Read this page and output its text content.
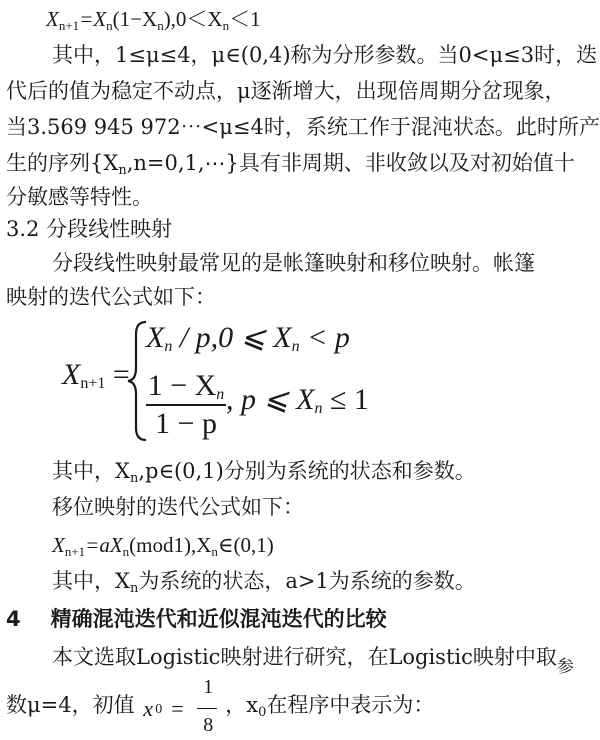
$X_{n+1}=X_n(1-X_n),0<X_n<1$
其中，1≤μ≤4，μ∈(0,4)称为分形参数。当0<μ≤3时，迭
代后的值为稳定不动点，μ逐渐增大，出现倍周期分岔现象，
当3.569 945 972⋯<μ≤4时，系统工作于混沌状态。此时所产
生的序列$\{X_n,n=0,1,\cdots\}$具有非周期、非收敛以及对初始值十
分敏感等特性。
3.2 分段线性映射
分段线性映射最常见的是帐篷映射和移位映射。帐篷
映射的迭代公式如下：
$X_{n+1}$ =
$X_n / p,0$ ⩽ $X_n < p$
$\frac{1 - X_n}{1 - p}$ , p ⩽ $X_n \le 1$
其中，$X_n,p\in(0,1)$分别为系统的状态和参数。
移位映射的迭代公式如下：
$X_{n+1}=aX_n(mod1),X_n\in(0,1)$
其中，$X_n$为系统的状态，a>1为系统的参数。
4 精确混沌迭代和近似混沌迭代的比较
本文选取Logistic映射进行研究，在Logistic映射中取$_参$
数μ=4，初值 x 0 =
1
8
，$x_0$在程序中表示为：
